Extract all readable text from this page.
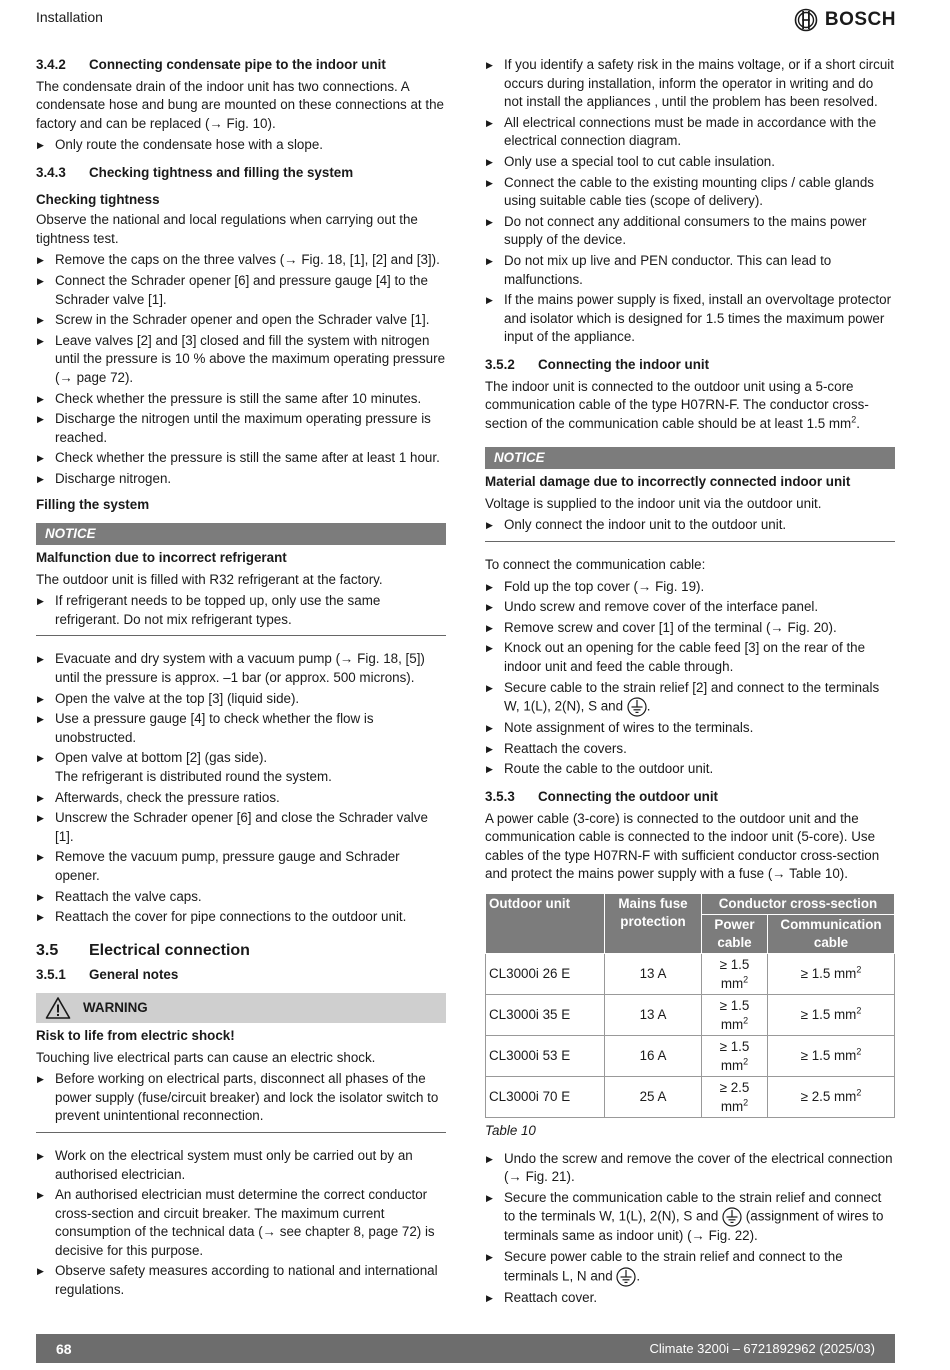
Installation	BOSCH
3.4.2	Connecting condensate pipe to the indoor unit

The condensate drain of the indoor unit has two connections. A condensate hose and bung are mounted on these connections at the factory and can be replaced (→ Fig. 10).

▶ Only route the condensate hose with a slope.
3.4.3	Checking tightness and filling the system
Checking tightness

Observe the national and local regulations when carrying out the tightness test.

▶ Remove the caps on the three valves (→ Fig. 18, [1], [2] and [3]).
▶ Connect the Schrader opener [6] and pressure gauge [4] to the Schrader valve [1].
▶ Screw in the Schrader opener and open the Schrader valve [1].
▶ Leave valves [2] and [3] closed and fill the system with nitrogen until the pressure is 10 % above the maximum operating pressure (→ page 72).
▶ Check whether the pressure is still the same after 10 minutes.
▶ Discharge the nitrogen until the maximum operating pressure is reached.
▶ Check whether the pressure is still the same after at least 1 hour.
▶ Discharge nitrogen.
Filling the system
NOTICE
Malfunction due to incorrect refrigerant

The outdoor unit is filled with R32 refrigerant at the factory.

▶ If refrigerant needs to be topped up, only use the same refrigerant. Do not mix refrigerant types.
▶ Evacuate and dry system with a vacuum pump (→ Fig. 18, [5]) until the pressure is approx. –1 bar (or approx. 500 microns).
▶ Open the valve at the top [3] (liquid side).
▶ Use a pressure gauge [4] to check whether the flow is unobstructed.
▶ Open valve at bottom [2] (gas side).
The refrigerant is distributed round the system.
▶ Afterwards, check the pressure ratios.
▶ Unscrew the Schrader opener [6] and close the Schrader valve [1].
▶ Remove the vacuum pump, pressure gauge and Schrader opener.
▶ Reattach the valve caps.
▶ Reattach the cover for pipe connections to the outdoor unit.
3.5	Electrical connection
3.5.1	General notes
WARNING
Risk to life from electric shock!

Touching live electrical parts can cause an electric shock.

▶ Before working on electrical parts, disconnect all phases of the power supply (fuse/circuit breaker) and lock the isolator switch to prevent unintentional reconnection.
▶ Work on the electrical system must only be carried out by an authorised electrician.
▶ An authorised electrician must determine the correct conductor cross-section and circuit breaker. The maximum current consumption of the technical data (→ see chapter 8, page 72) is decisive for this purpose.
▶ Observe safety measures according to national and international regulations.
▶ If you identify a safety risk in the mains voltage, or if a short circuit occurs during installation, inform the operator in writing and do not install the appliances , until the problem has been resolved.
▶ All electrical connections must be made in accordance with the electrical connection diagram.
▶ Only use a special tool to cut cable insulation.
▶ Connect the cable to the existing mounting clips / cable glands using suitable cable ties (scope of delivery).
▶ Do not connect any additional consumers to the mains power supply of the device.
▶ Do not mix up live and PEN conductor. This can lead to malfunctions.
▶ If the mains power supply is fixed, install an overvoltage protector and isolator which is designed for 1.5 times the maximum power input of the appliance.
3.5.2	Connecting the indoor unit

The indoor unit is connected to the outdoor unit using a 5-core communication cable of the type H07RN-F. The conductor cross-section of the communication cable should be at least 1.5 $mm^2$.

NOTICE
Material damage due to incorrectly connected indoor unit

Voltage is supplied to the indoor unit via the outdoor unit.

▶ Only connect the indoor unit to the outdoor unit.

To connect the communication cable:

▶ Fold up the top cover (→ Fig. 19).
▶ Undo screw and remove cover of the interface panel.
▶ Remove screw and cover [1] of the terminal (→ Fig. 20).
▶ Knock out an opening for the cable feed [3] on the rear of the indoor unit and feed the cable through.
▶ Secure cable to the strain relief [2] and connect to the terminals W, 1(L), 2(N), S and .
▶ Note assignment of wires to the terminals.
▶ Reattach the covers.
▶ Route the cable to the outdoor unit.
3.5.3	Connecting the outdoor unit

A power cable (3-core) is connected to the outdoor unit and the communication cable is connected to the indoor unit (5-core). Use cables of the type H07RN-F with sufficient conductor cross-section and protect the mains power supply with a fuse (→ Table 10).

Outdoor unit	Mains fuse protection	Conductor cross-section	
		Power cable	Communication cable
CL3000i 26 E	13 A	≥ 1.5 $mm^2$	≥ 1.5 $mm^2$
CL3000i 35 E	13 A	≥ 1.5 $mm^2$	≥ 1.5 $mm^2$
CL3000i 53 E	16 A	≥ 1.5 $mm^2$	≥ 1.5 $mm^2$
CL3000i 70 E	25 A	≥ 2.5 $mm^2$	≥ 2.5 $mm^2$
Table 10
▶ Undo the screw and remove the cover of the electrical connection (→ Fig. 21).
▶ Secure the communication cable to the strain relief and connect to the terminals W, 1(L), 2(N), S and  (assignment of wires to terminals same as indoor unit) (→ Fig. 22).
▶ Secure power cable to the strain relief and connect to the terminals L, N and .
▶ Reattach cover.
68	Climate 3200i – 6721892962 (2025/03)
